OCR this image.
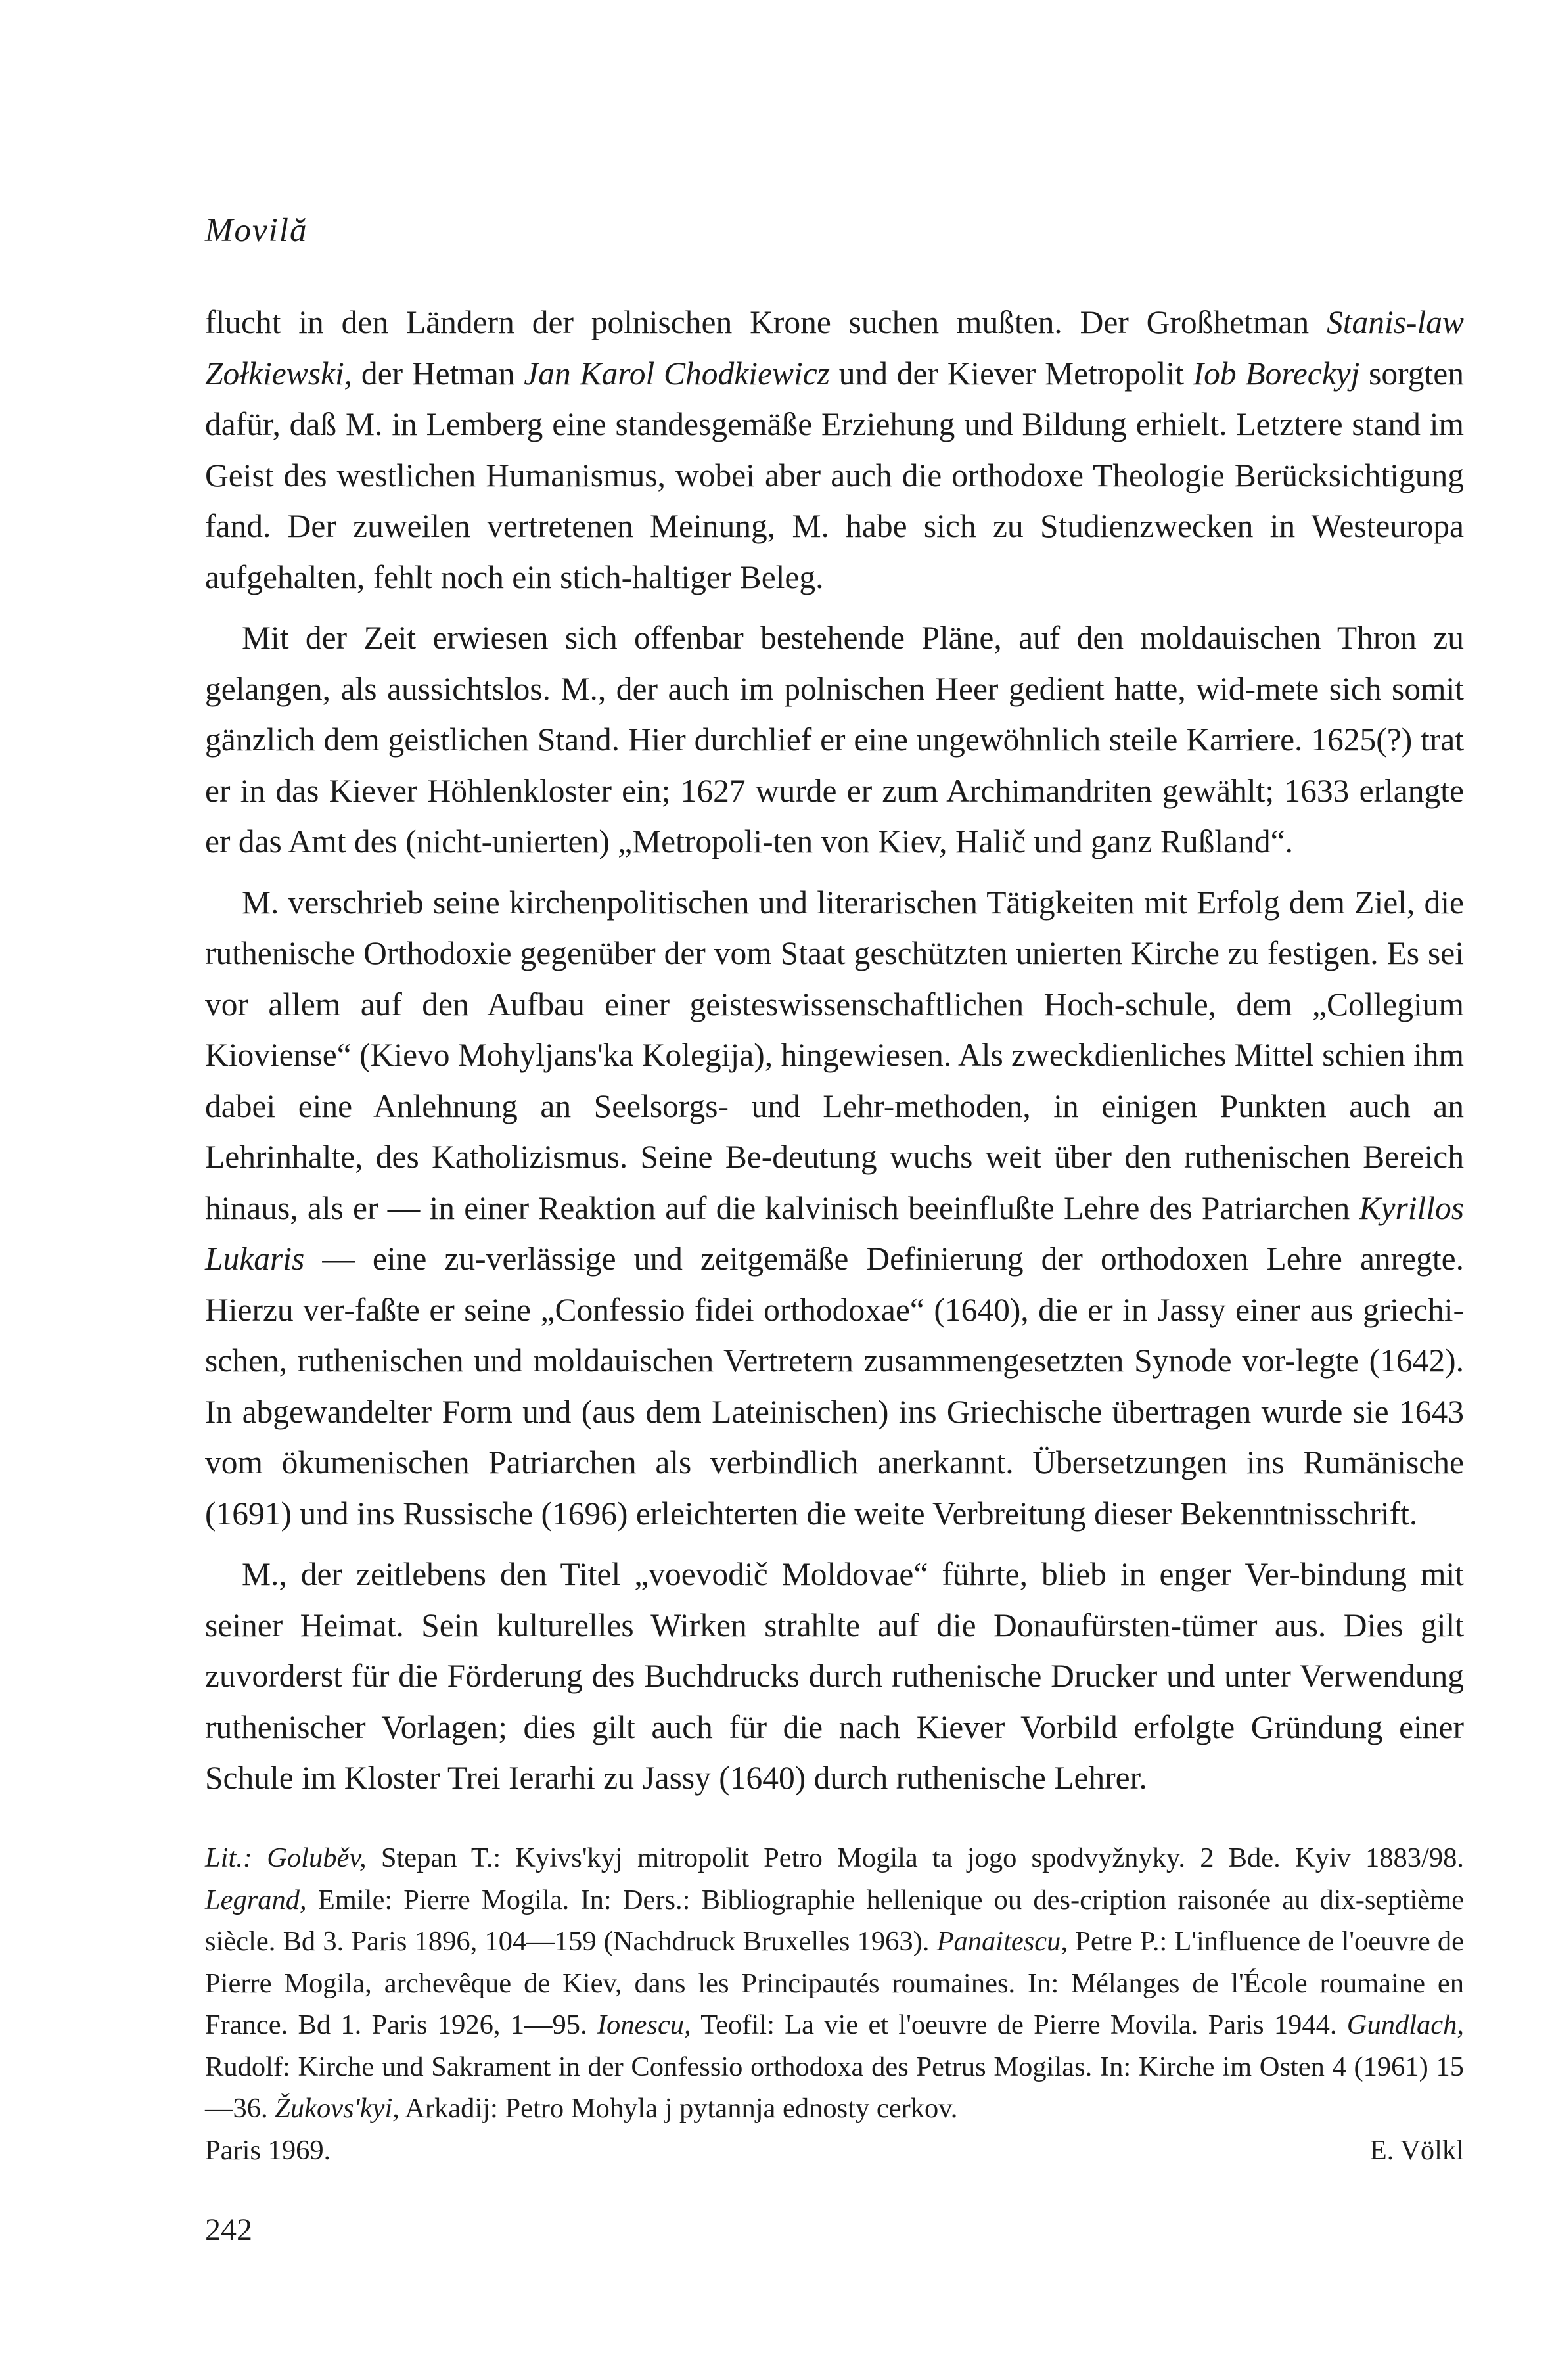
Movilă

flucht in den Ländern der polnischen Krone suchen mußten. Der Großhetman Stanis-law Zołkiewski, der Hetman Jan Karol Chodkiewicz und der Kiever Metropolit Iob Boreckyj sorgten dafür, daß M. in Lemberg eine standesgemäße Erziehung und Bildung erhielt. Letztere stand im Geist des westlichen Humanismus, wobei aber auch die orthodoxe Theologie Berücksichtigung fand. Der zuweilen vertretenen Meinung, M. habe sich zu Studienzwecken in Westeuropa aufgehalten, fehlt noch ein stich-haltiger Beleg.

Mit der Zeit erwiesen sich offenbar bestehende Pläne, auf den moldauischen Thron zu gelangen, als aussichtslos. M., der auch im polnischen Heer gedient hatte, wid-mete sich somit gänzlich dem geistlichen Stand. Hier durchlief er eine ungewöhnlich steile Karriere. 1625(?) trat er in das Kiever Höhlenkloster ein; 1627 wurde er zum Archimandriten gewählt; 1633 erlangte er das Amt des (nicht-unierten) „Metropoli-ten von Kiev, Halič und ganz Rußland“.

M. verschrieb seine kirchenpolitischen und literarischen Tätigkeiten mit Erfolg dem Ziel, die ruthenische Orthodoxie gegenüber der vom Staat geschützten unierten Kirche zu festigen. Es sei vor allem auf den Aufbau einer geisteswissenschaftlichen Hoch-schule, dem „Collegium Kioviense“ (Kievo Mohyljans'ka Kolegija), hingewiesen. Als zweckdienliches Mittel schien ihm dabei eine Anlehnung an Seelsorgs- und Lehr-methoden, in einigen Punkten auch an Lehrinhalte, des Katholizismus. Seine Be-deutung wuchs weit über den ruthenischen Bereich hinaus, als er — in einer Reaktion auf die kalvinisch beeinflußte Lehre des Patriarchen Kyrillos Lukaris — eine zu-verlässige und zeitgemäße Definierung der orthodoxen Lehre anregte. Hierzu ver-faßte er seine „Confessio fidei orthodoxae“ (1640), die er in Jassy einer aus griechi-schen, ruthenischen und moldauischen Vertretern zusammengesetzten Synode vor-legte (1642). In abgewandelter Form und (aus dem Lateinischen) ins Griechische übertragen wurde sie 1643 vom ökumenischen Patriarchen als verbindlich anerkannt. Übersetzungen ins Rumänische (1691) und ins Russische (1696) erleichterten die weite Verbreitung dieser Bekenntnisschrift.

M., der zeitlebens den Titel „voevodič Moldovae“ führte, blieb in enger Ver-bindung mit seiner Heimat. Sein kulturelles Wirken strahlte auf die Donaufürsten-tümer aus. Dies gilt zuvorderst für die Förderung des Buchdrucks durch ruthenische Drucker und unter Verwendung ruthenischer Vorlagen; dies gilt auch für die nach Kiever Vorbild erfolgte Gründung einer Schule im Kloster Trei Ierarhi zu Jassy (1640) durch ruthenische Lehrer.

Lit.: Goluběv, Stepan T.: Kyivs'kyj mitropolit Petro Mogila ta jogo spodvyžnyky. 2 Bde. Kyiv 1883/98. Legrand, Emile: Pierre Mogila. In: Ders.: Bibliographie hellenique ou des-cription raisonée au dix-septième siècle. Bd 3. Paris 1896, 104—159 (Nachdruck Bruxelles 1963). Panaitescu, Petre P.: L'influence de l'oeuvre de Pierre Mogila, archevêque de Kiev, dans les Principautés roumaines. In: Mélanges de l'École roumaine en France. Bd 1. Paris 1926, 1—95. Ionescu, Teofil: La vie et l'oeuvre de Pierre Movila. Paris 1944. Gundlach, Rudolf: Kirche und Sakrament in der Confessio orthodoxa des Petrus Mogilas. In: Kirche im Osten 4 (1961) 15—36. Žukovs'kyi, Arkadij: Petro Mohyla j pytannja ednosty cerkov.

Paris 1969.	E. Völkl
242
